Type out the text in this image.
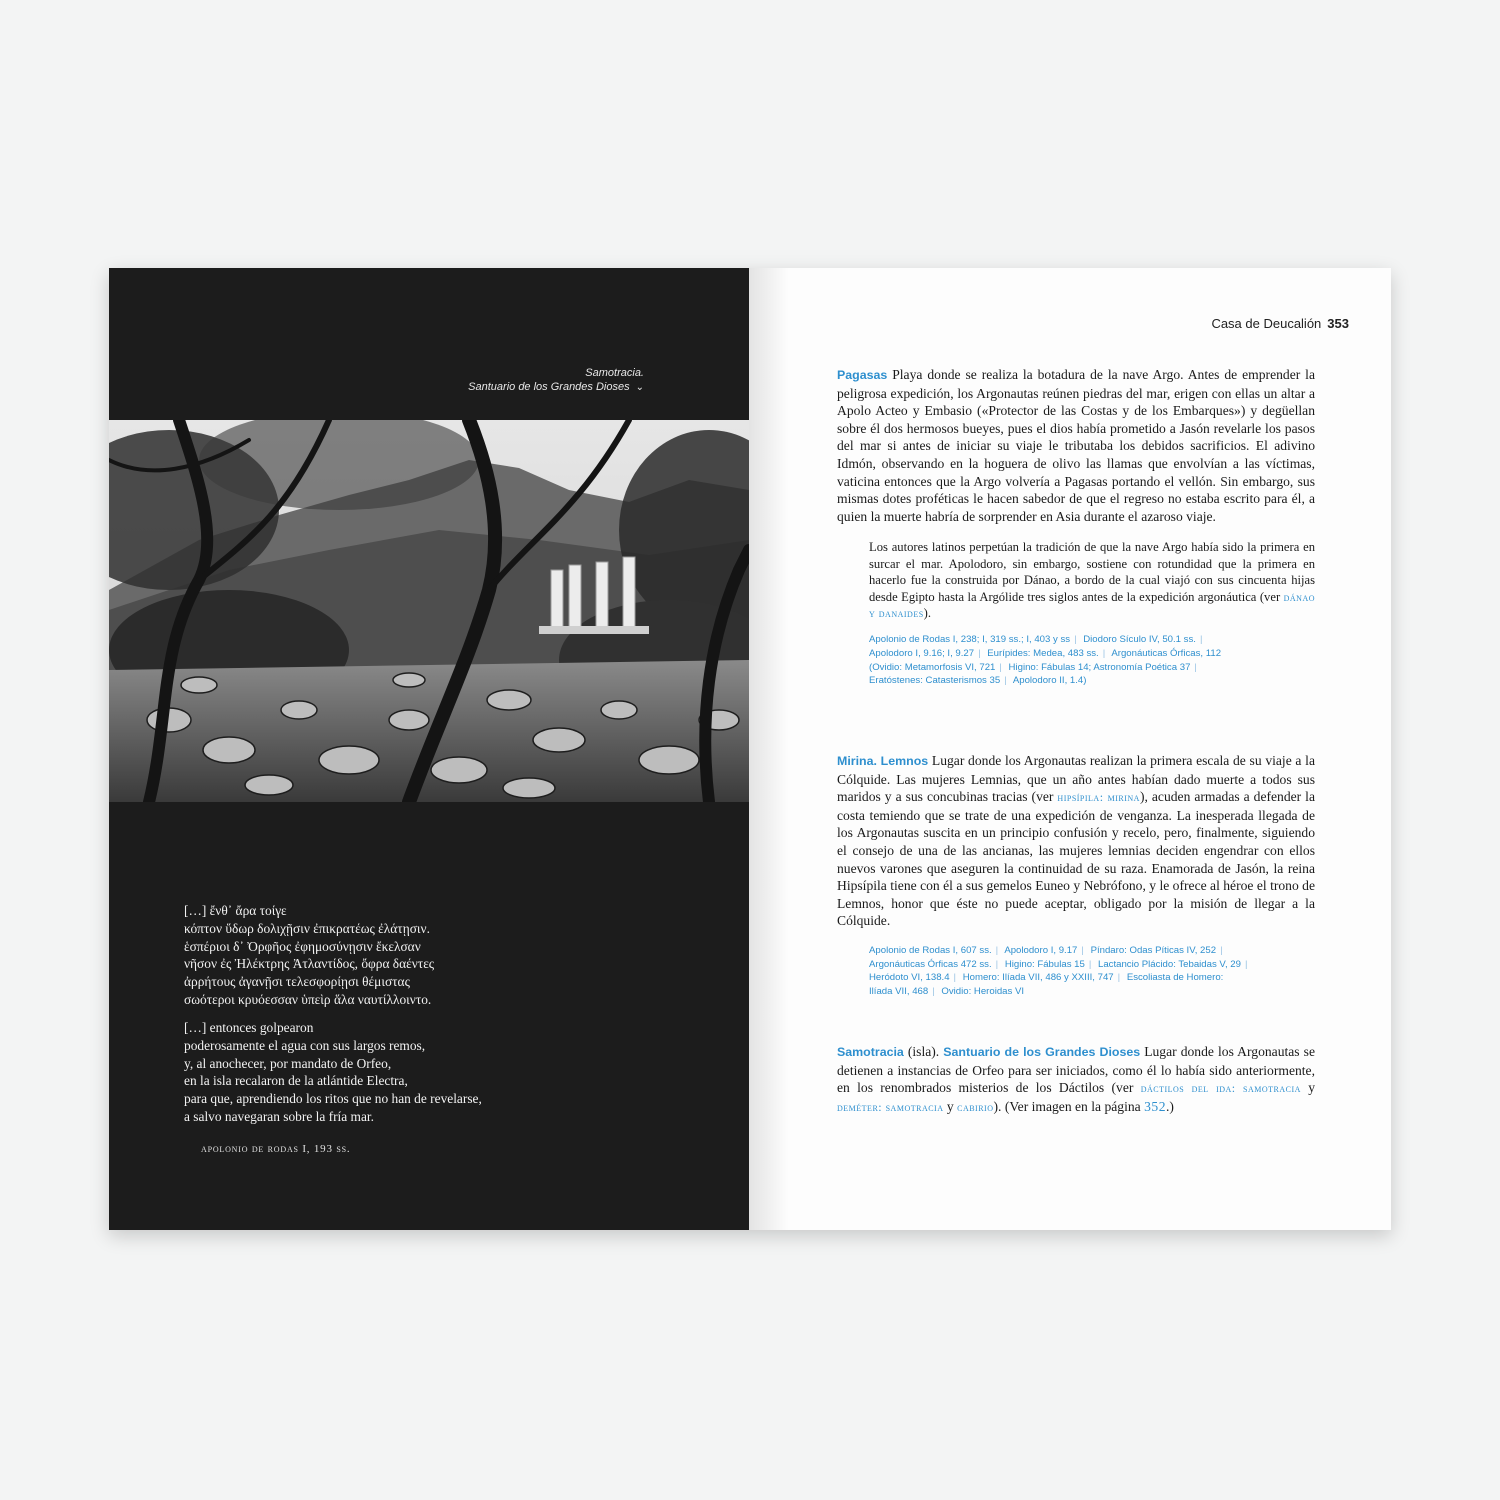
Samotracia.
Santuario de los Grandes Dioses ⌄
[…] ἔνθ᾽ ἄρα τοίγε
κόπτον ὕδωρ δολιχῇσιν ἐπικρατέως ἐλάτῃσιν.
ἑσπέριοι δ᾽ Ὀρφῆος ἐφημοσύνῃσιν ἔκελσαν
νῆσον ἐς Ἠλέκτρης Ἀτλαντίδος, ὄφρα δαέντες
ἀρρήτους ἀγανῇσι τελεσφορίῃσι θέμιστας
σωότεροι κρυόεσσαν ὑπεὶρ ἅλα ναυτίλλοιντο.
[…] entonces golpearon
poderosamente el agua con sus largos remos,
y, al anochecer, por mandato de Orfeo,
en la isla recalaron de la atlántide Electra,
para que, aprendiendo los ritos que no han de revelarse,
a salvo navegaran sobre la fría mar.
apolonio de rodas I, 193 ss.
Casa de Deucalión 353

Pagasas Playa donde se realiza la botadura de la nave Argo. Antes de emprender la peligrosa expedición, los Argonautas reúnen piedras del mar, erigen con ellas un altar a Apolo Acteo y Embasio («Protector de las Costas y de los Embarques») y degüellan sobre él dos hermosos bueyes, pues el dios había prometido a Jasón revelarle los pasos del mar si antes de iniciar su viaje le tributaba los debidos sacrificios. El adivino Idmón, observando en la hoguera de olivo las llamas que envolvían a las víctimas, vaticina entonces que la Argo volvería a Pagasas portando el vellón. Sin embargo, sus mismas dotes proféticas le hacen sabedor de que el regreso no estaba escrito para él, a quien la muerte habría de sorprender en Asia durante el azaroso viaje.

Los autores latinos perpetúan la tradición de que la nave Argo había sido la primera en surcar el mar. Apolodoro, sin embargo, sostiene con rotundidad que la primera en hacerlo fue la construida por Dánao, a bordo de la cual viajó con sus cincuenta hijas desde Egipto hasta la Argólide tres siglos antes de la expedición argonáutica (ver dánao y danaides).

Apolonio de Rodas I, 238; I, 319 ss.; I, 403 y ss | Diodoro Sículo IV, 50.1 ss. |
Apolodoro I, 9.16; I, 9.27 | Eurípides: Medea, 483 ss. | Argonáuticas Órficas, 112
(Ovidio: Metamorfosis VI, 721 | Higino: Fábulas 14; Astronomía Poética 37 |
Eratóstenes: Catasterismos 35 | Apolodoro II, 1.4)

Mirina. Lemnos Lugar donde los Argonautas realizan la primera escala de su viaje a la Cólquide. Las mujeres Lemnias, que un año antes habían dado muerte a todos sus maridos y a sus concubinas tracias (ver hipsípila: mirina), acuden armadas a defender la costa temiendo que se trate de una expedición de venganza. La inesperada llegada de los Argonautas suscita en un principio confusión y recelo, pero, finalmente, siguiendo el consejo de una de las ancianas, las mujeres lemnias deciden engendrar con ellos nuevos varones que aseguren la continuidad de su raza. Enamorada de Jasón, la reina Hipsípila tiene con él a sus gemelos Euneo y Nebrófono, y le ofrece al héroe el trono de Lemnos, honor que éste no puede aceptar, obligado por la misión de llegar a la Cólquide.

Apolonio de Rodas I, 607 ss. | Apolodoro I, 9.17 | Píndaro: Odas Píticas IV, 252 |
Argonáuticas Órficas 472 ss. | Higino: Fábulas 15 | Lactancio Plácido: Tebaidas V, 29 |
Heródoto VI, 138.4 | Homero: Ilíada VII, 486 y XXIII, 747 | Escoliasta de Homero:
Ilíada VII, 468 | Ovidio: Heroidas VI

Samotracia (isla). Santuario de los Grandes Dioses Lugar donde los Argonautas se detienen a instancias de Orfeo para ser iniciados, como él lo había sido anteriormente, en los renombrados misterios de los Dáctilos (ver dáctilos del ida: samotracia y deméter: samotracia y cabirio). (Ver imagen en la página 352.)
